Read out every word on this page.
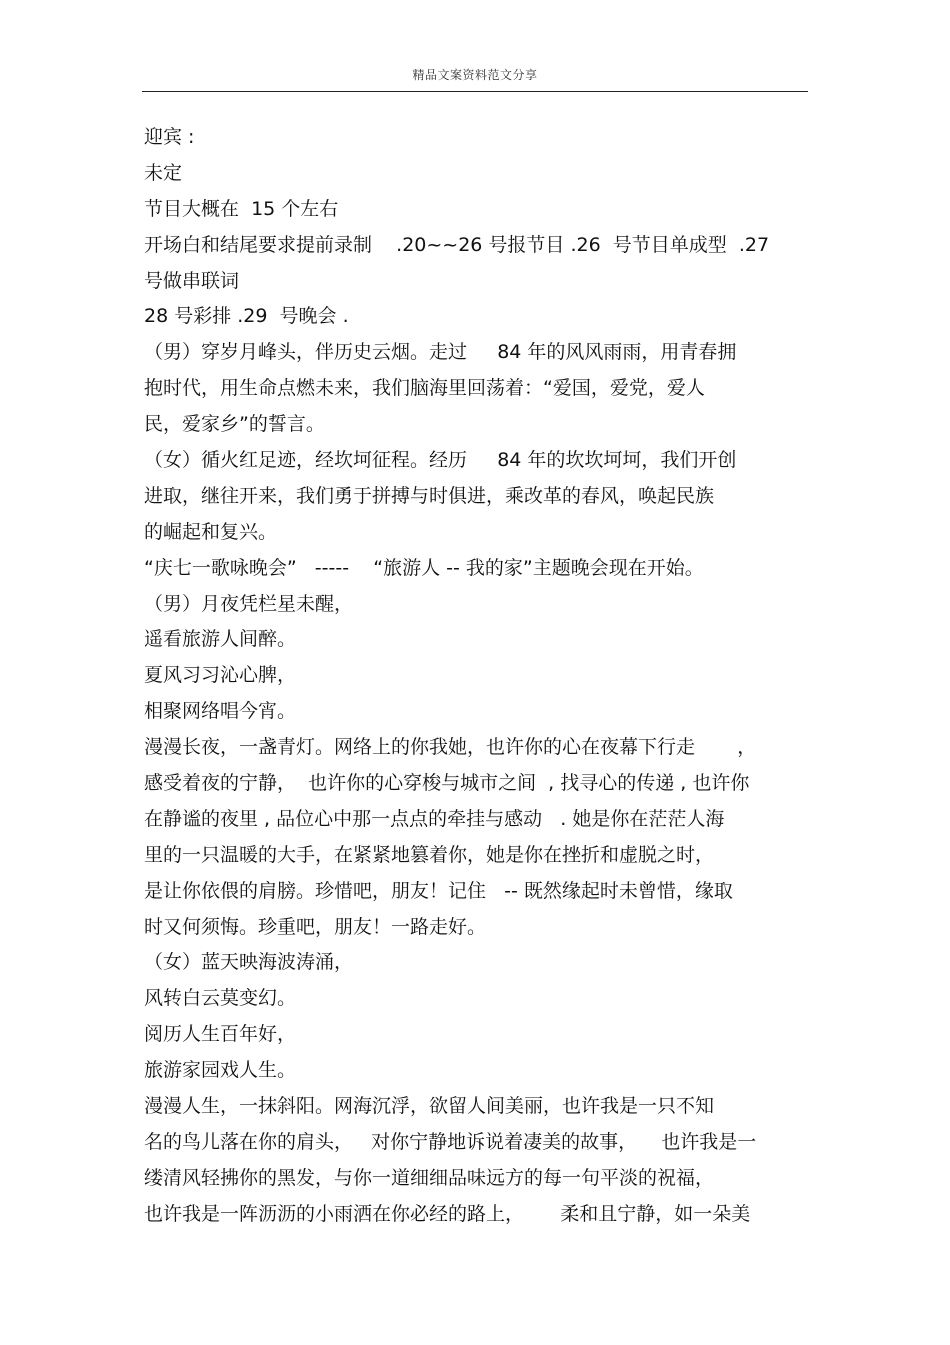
精品文案资料范文分享
迎宾 :
未定
节目大概在  15 个左右
开场白和结尾要求提前录制    .20~~26 号报节目 .26  号节目单成型  .27
号做串联词
28 号彩排 .29  号晚会 .
（男）穿岁月峰头，伴历史云烟。走过     84 年的风风雨雨，用青春拥
抱时代，用生命点燃未来，我们脑海里回荡着：“爱国，爱党，爱人
民，爱家乡”的誓言。
（女）循火红足迹，经坎坷征程。经历     84 年的坎坎坷坷，我们开创
进取，继往开来，我们勇于拼搏与时俱进，乘改革的春风，唤起民族
的崛起和复兴。
“庆七一歌咏晚会”   -----    “旅游人 -- 我的家”主题晚会现在开始。
（男）月夜凭栏星未醒，
遥看旅游人间醉。
夏风习习沁心脾，
相聚网络唱今宵。
漫漫长夜，一盏青灯。网络上的你我她，也许你的心在夜幕下行走       ，
感受着夜的宁静，  也许你的心穿梭与城市之间  , 找寻心的传递 , 也许你
在静谧的夜里 , 品位心中那一点点的牵挂与感动   . 她是你在茫茫人海
里的一只温暖的大手，在紧紧地篡着你，她是你在挫折和虚脱之时，
是让你依偎的肩膀。珍惜吧，朋友！记住   -- 既然缘起时未曾惜，缘取
时又何须悔。珍重吧，朋友！一路走好。
（女）蓝天映海波涛涌，
风转白云莫变幻。
阅历人生百年好，
旅游家园戏人生。
漫漫人生，一抹斜阳。网海沉浮，欲留人间美丽，也许我是一只不知
名的鸟儿落在你的肩头，   对你宁静地诉说着凄美的故事，    也许我是一
缕清风轻拂你的黑发，与你一道细细品味远方的每一句平淡的祝福，
也许我是一阵沥沥的小雨洒在你必经的路上，      柔和且宁静，如一朵美
